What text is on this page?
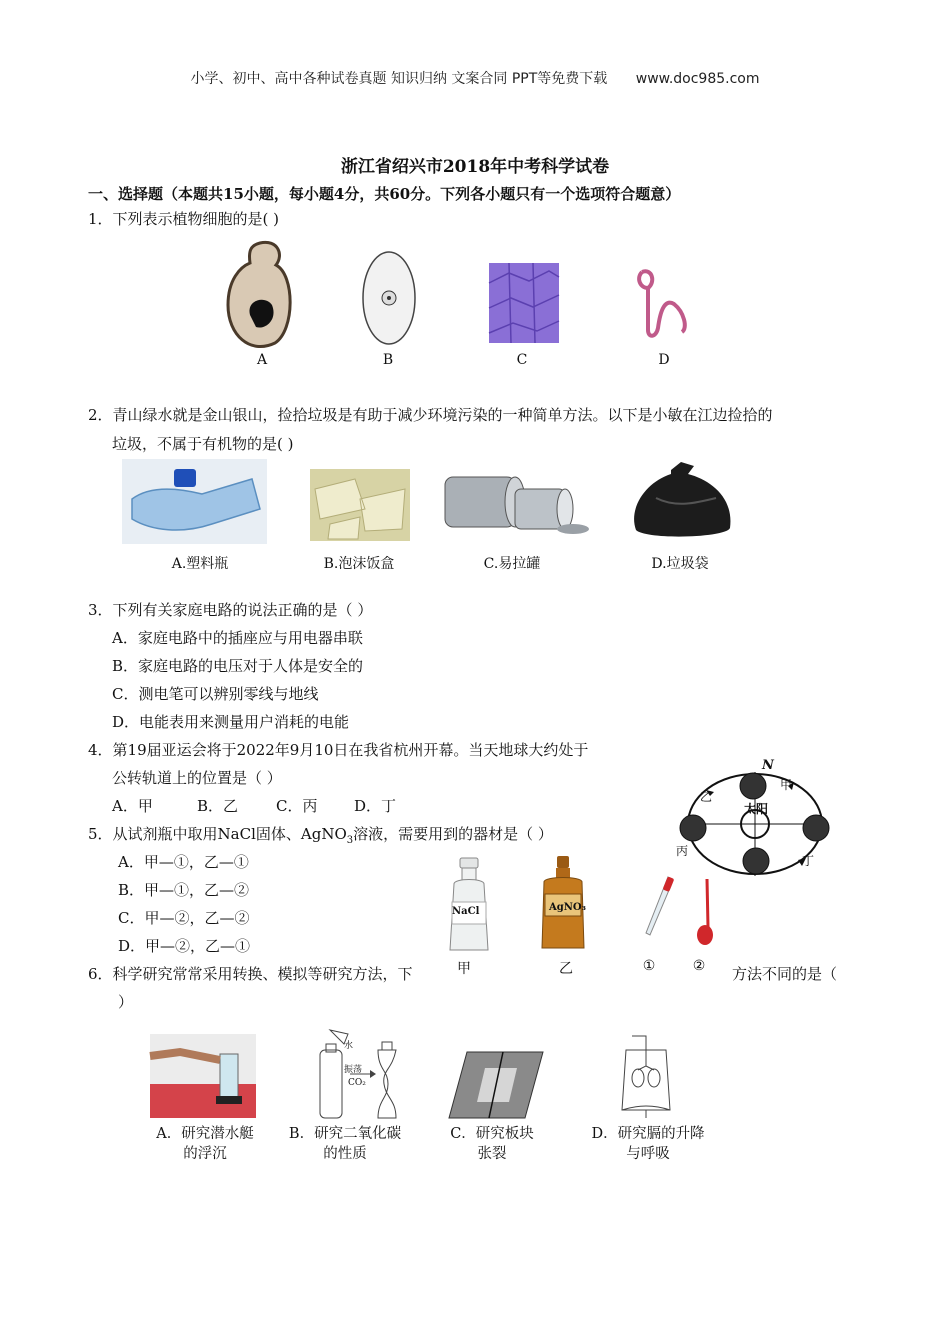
小学、初中、高中各种试卷真题 知识归纳 文案合同 PPT等免费下载 www.doc985.com
浙江省绍兴市2018年中考科学试卷
一、选择题（本题共15小题，每小题4分，共60分。下列各小题只有一个选项符合题意）
1．下列表示植物细胞的是( )
A	B	C	D
2．青山绿水就是金山银山，捡拾垃圾是有助于减少环境污染的一种简单方法。以下是小敏在江边捡拾的
垃圾，不属于有机物的是( )
A.塑料瓶	B.泡沫饭盒	C.易拉罐	D.垃圾袋
3．下列有关家庭电路的说法正确的是（ ）
A．家庭电路中的插座应与用电器串联
B．家庭电路的电压对于人体是安全的
C．测电笔可以辨别零线与地线
D．电能表用来测量用户消耗的电能
4．第19届亚运会将于2022年9月10日在我省杭州开幕。当天地球大约处于
公转轨道上的位置是（ ）
A．甲	B．乙	C．丙 D．丁	太阳
甲
乙
丙
丁
N
5．从试剂瓶中取用NaCl固体、AgNO$_3$溶液，需要用到的器材是（ ）
A．甲—①，乙—①
B．甲—①，乙—②
C．甲—②，乙—②
D．甲—②，乙—①
NaCl	AgNO₃
甲	乙	①	②
6．科学研究常常采用转换、模拟等研究方法，下	方法不同的是（
）
水
振荡
CO₂
A．研究潜水艇
的浮沉
B．研究二氧化碳
的性质
C．研究板块
张裂
D．研究膈的升降
与呼吸
